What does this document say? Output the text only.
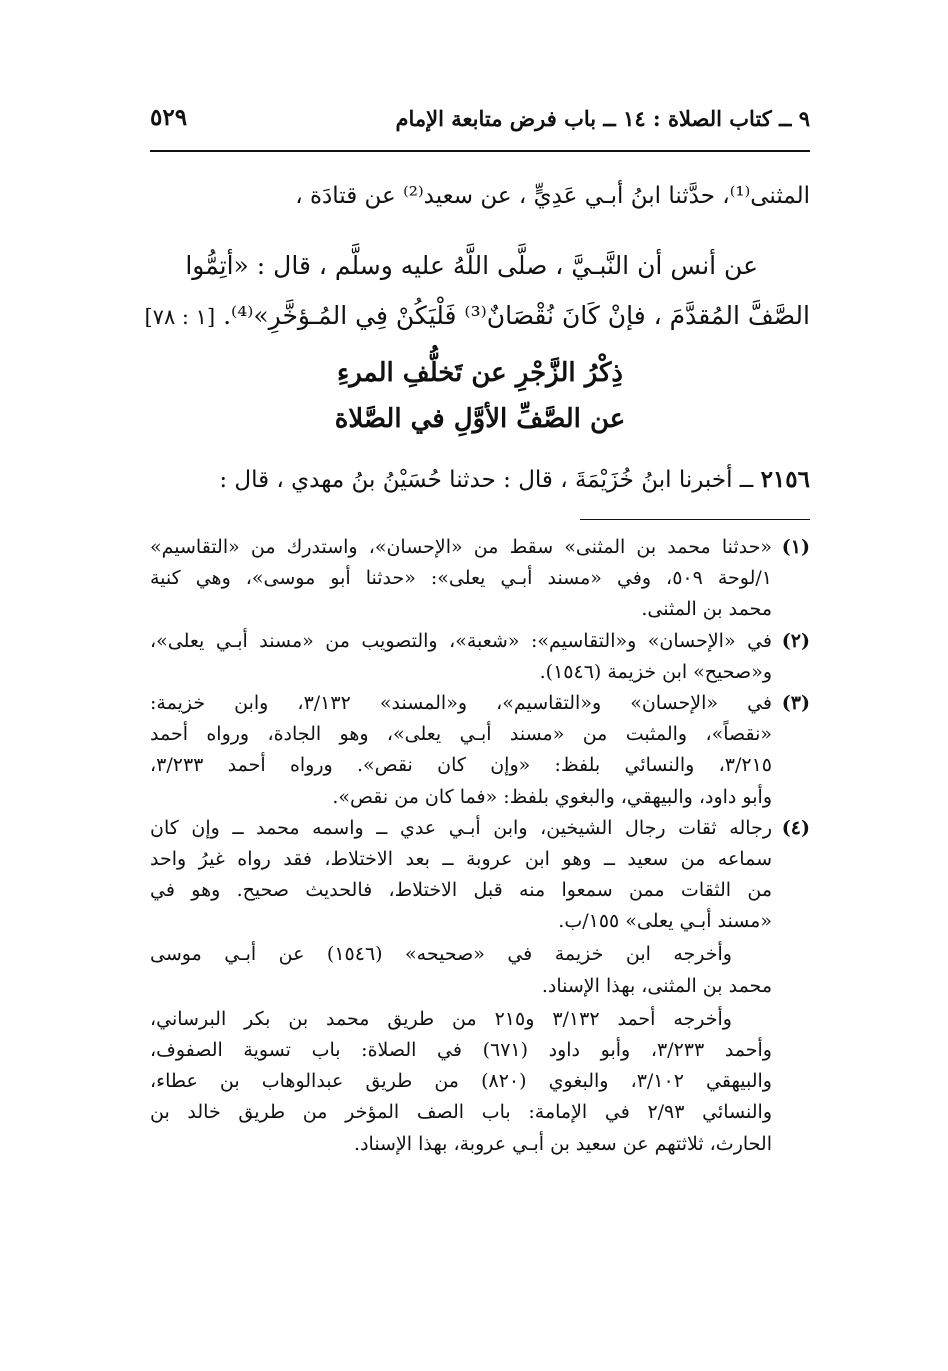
٩ ــ كتاب الصلاة : ١٤ ــ باب فرض متابعة الإمام
٥٢٩
المثنى⁽¹⁾، حدَّثنا ابنُ أبـي عَدِيٍّ ، عن سعيد⁽²⁾ عن قتادَة ،
عن أنس أن النَّبـيَّ ، صلَّى اللَّهُ عليه وسلَّم ، قال : «أتِمُّوا
الصَّفَّ المُقدَّمَ ، فإنْ كَانَ نُقْصَانٌ⁽³⁾ فَلْيَكُنْ فِي المُـؤخَّرِ»⁽⁴⁾. [١ : ٧٨]
ذِكْرُ الزَّجْرِ عن تَخلُّفِ المرءِ
عن الصَّفِّ الأوَّلِ في الصَّلاة
٢١٥٦ ــ أخبرنا ابنُ خُزَيْمَةَ ، قال : حدثنا حُسَيْنُ بنُ مهدي ، قال :
(١)
«حدثنا محمد بن المثنى» سقط من «الإحسان»، واستدرك من «التقاسيم»
١/لوحة ٥٠٩، وفي «مسند أبـي يعلى»: «حدثنا أبو موسى»، وهي كنية
محمد بن المثنى.
(٢)
في «الإحسان» و«التقاسيم»: «شعبة»، والتصويب من «مسند أبـي يعلى»،
و«صحيح» ابن خزيمة (١٥٤٦).
(٣)
في «الإحسان» و«التقاسيم»، و«المسند» ٣/١٣٢، وابن خزيمة:
«نقصاً»، والمثبت من «مسند أبـي يعلى»، وهو الجادة، ورواه أحمد
٣/٢١٥، والنسائي بلفظ: «وإن كان نقص». ورواه أحمد ٣/٢٣٣،
وأبو داود، والبيهقي، والبغوي بلفظ: «فما كان من نقص».
(٤)
رجاله ثقات رجال الشيخين، وابن أبـي عدي ــ واسمه محمد ــ وإن كان
سماعه من سعيد ــ وهو ابن عروبة ــ بعد الاختلاط، فقد رواه غيرُ واحد
من الثقات ممن سمعوا منه قبل الاختلاط، فالحديث صحيح. وهو في
«مسند أبـي يعلى» ١٥٥/ب.
وأخرجه ابن خزيمة في «صحيحه» (١٥٤٦) عن أبـي موسى
محمد بن المثنى، بهذا الإسناد.
وأخرجه أحمد ٣/١٣٢ و٢١٥ من طريق محمد بن بكر البرساني،
وأحمد ٣/٢٣٣، وأبو داود (٦٧١) في الصلاة: باب تسوية الصفوف،
والبيهقي ٣/١٠٢، والبغوي (٨٢٠) من طريق عبدالوهاب بن عطاء،
والنسائي ٢/٩٣ في الإمامة: باب الصف المؤخر من طريق خالد بن
الحارث، ثلاثتهم عن سعيد بن أبـي عروبة، بهذا الإسناد.
